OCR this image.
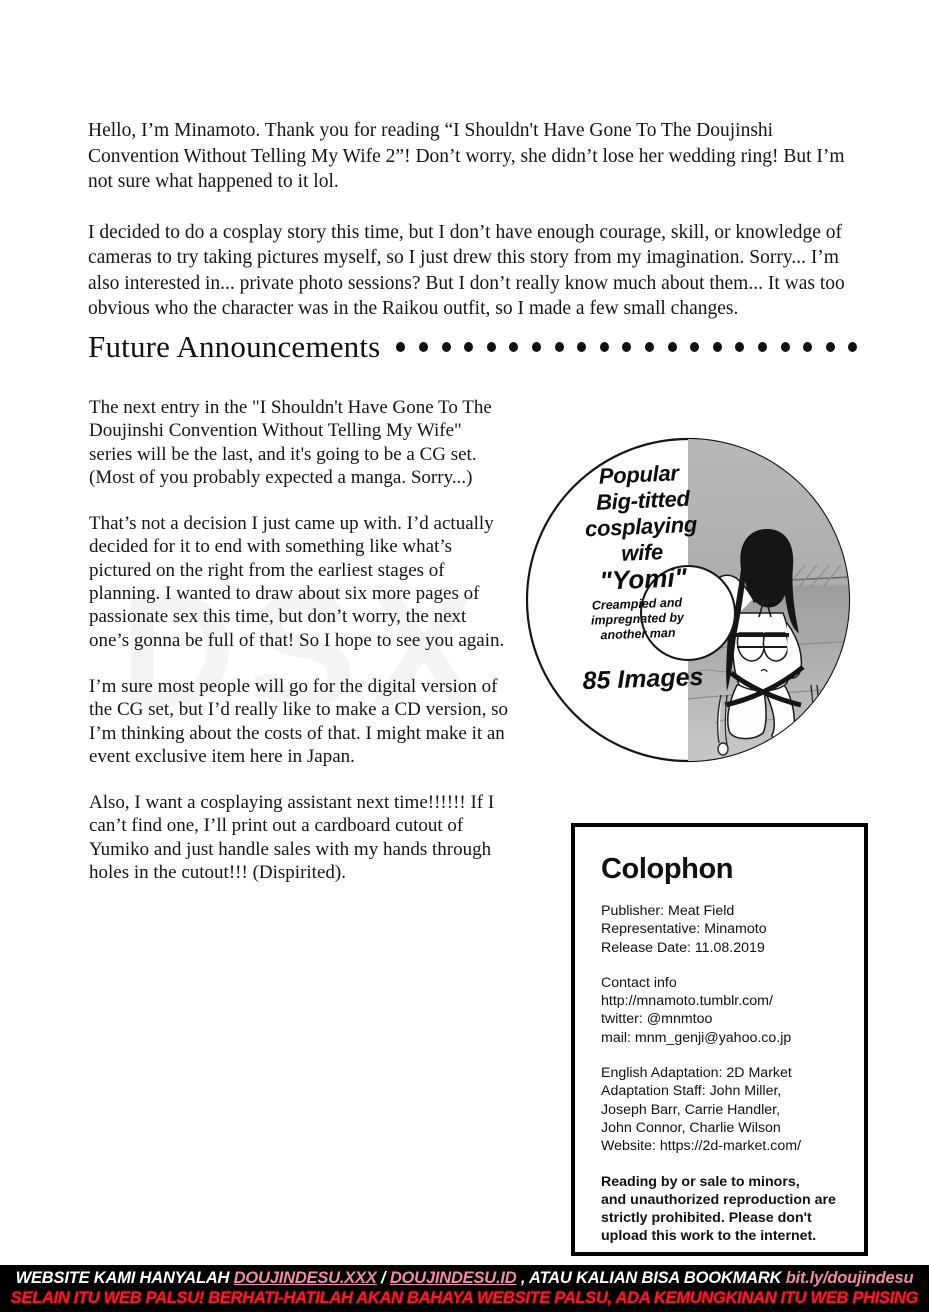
Hello, I’m Minamoto. Thank you for reading “I Shouldn't Have Gone To The Doujinshi Convention Without Telling My Wife 2”! Don’t worry, she didn’t lose her wedding ring! But I’m not sure what happened to it lol.

I decided to do a cosplay story this time, but I don’t have enough courage, skill, or knowledge of cameras to try taking pictures myself, so I just drew this story from my imagination. Sorry... I’m also interested in... private photo sessions? But I don’t really know much about them... It was too obvious who the character was in the Raikou outfit, so I made a few small changes.

Future Announcements

The next entry in the "I Shouldn't Have Gone To The Doujinshi Convention Without Telling My Wife" series will be the last, and it's going to be a CG set. (Most of you probably expected a manga. Sorry...)

That’s not a decision I just came up with. I’d actually decided for it to end with something like what’s pictured on the right from the earliest stages of planning. I wanted to draw about six more pages of passionate sex this time, but don’t worry, the next one’s gonna be full of that! So I hope to see you again.

I’m sure most people will go for the digital version of the CG set, but I’d really like to make a CD version, so I’m thinking about the costs of that. I might make it an event exclusive item here in Japan.

Also, I want a cosplaying assistant next time!!!!!! If I can’t find one, I’ll print out a cardboard cutout of Yumiko and just handle sales with my hands through holes in the cutout!!! (Dispirited).

Popular
Big-titted
cosplaying
wife
"Yomi"
Creampied and
impregnated by
another man
85 Images
Colophon
Publisher: Meat Field
Representative: Minamoto
Release Date: 11.08.2019
Contact info
http://mnamoto.tumblr.com/
twitter: @mnmtoo
mail: mnm_genji@yahoo.co.jp
English Adaptation: 2D Market
Adaptation Staff: John Miller,
Joseph Barr, Carrie Handler,
John Connor, Charlie Wilson
Website: https://2d-market.com/
Reading by or sale to minors,
and unauthorized reproduction are
strictly prohibited. Please don't
upload this work to the internet.
WEBSITE KAMI HANYALAH DOUJINDESU.XXX / DOUJINDESU.ID , ATAU KALIAN BISA BOOKMARK bit.ly/doujindesu
SELAIN ITU WEB PALSU! BERHATI-HATILAH AKAN BAHAYA WEBSITE PALSU, ADA KEMUNGKINAN ITU WEB PHISING
